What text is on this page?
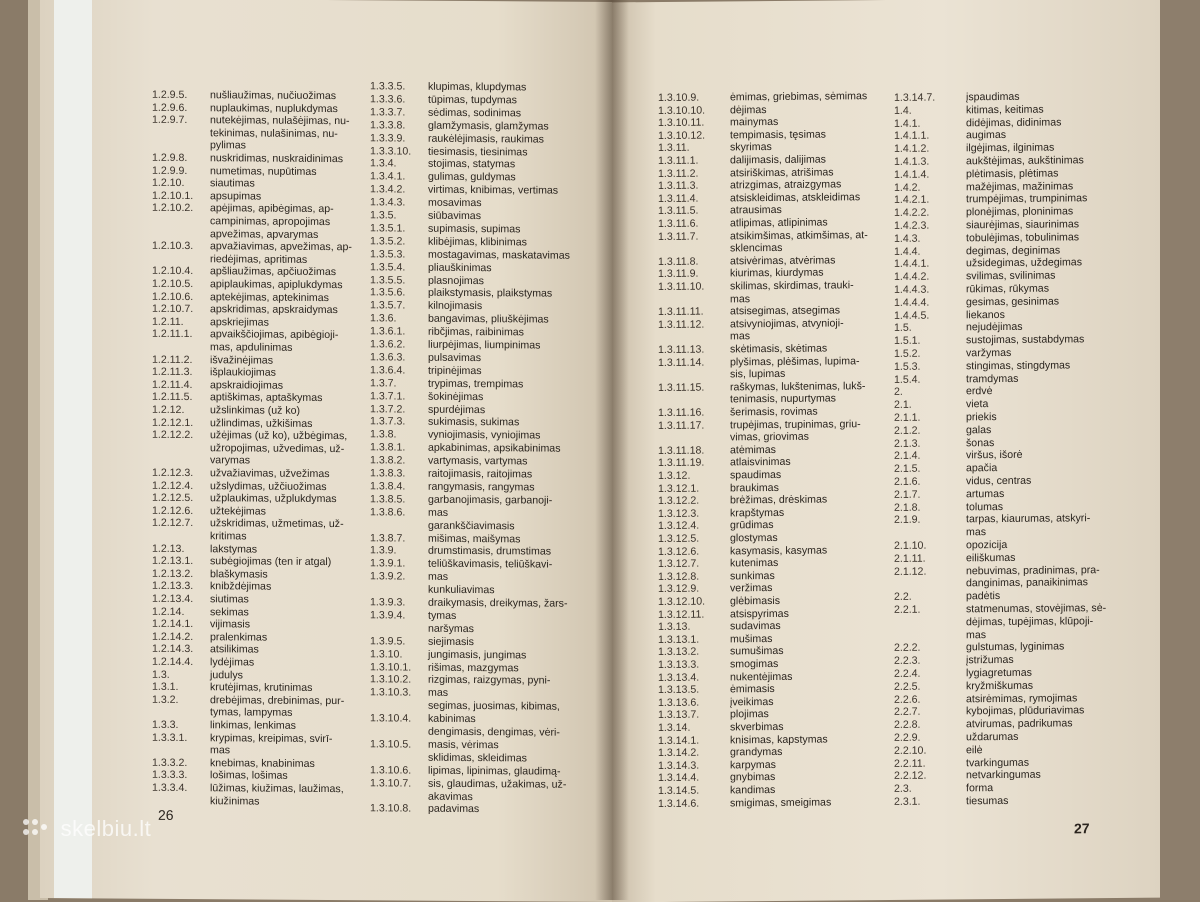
1.2.9.5. nušliaužimas, nučiuožimas
1.2.9.6. nuplaukimas, nuplukdymas
1.2.9.7. nutekėjimas, nulašėjimas, nu-
tekinimas, nulašinimas, nu-
pylimas
1.2.9.8. nuskridimas, nuskraidinimas
1.2.9.9. numetimas, nupūtimas
1.2.10. siautimas
1.2.10.1. apsupimas
1.2.10.2. apėjimas, apibėgimas, ap-
campinimas, apropojimas
apvežimas, apvarymas
1.2.10.3. apvažiavimas, apvežimas, ap-
riedėjimas, apritimas
1.2.10.4. apšliaužimas, apčiuožimas
1.2.10.5. apiplaukimas, apiplukdymas
1.2.10.6. aptekėjimas, aptekinimas
1.2.10.7. apskridimas, apskraidymas
1.2.11. apskriejimas
1.2.11.1. apvaikščiojimas, apibėgioji-
mas, apdulinimas
1.2.11.2. išvažinėjimas
1.2.11.3. išplaukiojimas
1.2.11.4. apskraidiojimas
1.2.11.5. aptiškimas, aptaškymas
1.2.12. užslinkimas (už ko)
1.2.12.1. užlindimas, užkišimas
1.2.12.2. užėjimas (už ko), užbėgimas,
užropojimas, užvedimas, už-
varymas
1.2.12.3. užvažiavimas, užvežimas
1.2.12.4. užslydimas, užčiuožimas
1.2.12.5. užplaukimas, užplukdymas
1.2.12.6. užtekėjimas
1.2.12.7. užskridimas, užmetimas, už-
kritimas
1.2.13. lakstymas
1.2.13.1. subėgiojimas (ten ir atgal)
1.2.13.2. blaškymasis
1.2.13.3. knibždėjimas
1.2.13.4. siutimas
1.2.14. sekimas
1.2.14.1. vijimasis
1.2.14.2. pralenkimas
1.2.14.3. atsilikimas
1.2.14.4. lydėjimas
1.3.	judulys
1.3.1.	krutėjimas, krutinimas
1.3.2.	drebėjimas, drebinimas, pur-
tymas, lampymas
1.3.3.	linkimas, lenkimas
1.3.3.1. krypimas, kreipimas, svirī-
mas
1.3.3.2. knebimas, knabinimas
1.3.3.3. lošimas, lošimas
1.3.3.4. lūžimas, kiužimas, laužimas,
kiužinimas
1.3.3.5. klupimas, klupdymas
1.3.3.6. tūpimas, tupdymas
1.3.3.7. sėdimas, sodinimas
1.3.3.8. glamžymasis, glamžymas
1.3.3.9. raukėlėjimasis, raukimas
1.3.3.10. tiesimasis, tiesinimas
1.3.4.	stojimas, statymas
1.3.4.1. gulimas, guldymas
1.3.4.2. virtimas, knibimas, vertimas
1.3.4.3. mosavimas
1.3.5.	siūbavimas
1.3.5.1. supimasis, supimas
1.3.5.2. klibėjimas, klibinimas
1.3.5.3. mostagavimas, maskatavimas
1.3.5.4. pliauškinimas
1.3.5.5. plasnojimas
1.3.5.6. plaikstymasis, plaikstymas
1.3.5.7. kilnojimasis
1.3.6.	bangavimas, pliuškėjimas
1.3.6.1. ribčjimas, raibinimas
1.3.6.2. liurpėjimas, liumpinimas
1.3.6.3. pulsavimas
1.3.6.4. tripinėjimas
1.3.7.	trypimas, trempimas
1.3.7.1. šokinėjimas
1.3.7.2. spurdėjimas
1.3.7.3. sukimasis, sukimas
1.3.8.	vyniojimasis, vyniojimas
1.3.8.1. apkabinimas, apsikabinimas
1.3.8.2. vartymasis, vartymas
1.3.8.3. raitojimasis, raitojimas
1.3.8.4. rangymasis, rangymas
1.3.8.5. garbanojimasis, garbanoji-
1.3.8.6. mas
garankščiavimasis
1.3.8.7. mišimas, maišymas
1.3.9.	drumstimasis, drumstimas
1.3.9.1. teliūškavimasis, teliūškavi-
1.3.9.2. mas
kunkuliavimas
1.3.9.3. draikymasis, dreikymas, žars-
1.3.9.4. tymas
naršymas
1.3.9.5. siejimasis
1.3.10. jungimasis, jungimas
1.3.10.1. rišimas, mazgymas
1.3.10.2. rizgimas, raizgymas, pyni-
1.3.10.3. mas
segimas, juosimas, kibimas,
1.3.10.4. kabinimas
dengimasis, dengimas, vėri-
1.3.10.5. masis, vėrimas
sklidimas, skleidimas
1.3.10.6. lipimas, lipinimas, glaudimą-
1.3.10.7. sis, glaudimas, užakimas, už-
akavimas
1.3.10.8. padavimas
26
1.3.10.9.	ėmimas, griebimas, sėmimas
1.3.10.10. dėjimas
1.3.10.11. mainymas
1.3.10.12. tempimasis, tęsimas
1.3.11.	skyrimas
1.3.11.1.	dalijimasis, dalijimas
1.3.11.2.	atsiriškimas, atrišimas
1.3.11.3.	atrizgimas, atraizgymas
1.3.11.4.	atsiskleidimas, atskleidimas
1.3.11.5.	atrausimas
1.3.11.6.	atlipimas, atlipinimas
1.3.11.7.	atsikimšimas, atkimšimas, at-
sklencimas
1.3.11.8.	atsivėrimas, atvėrimas
1.3.11.9.	kiurimas, kiurdymas
1.3.11.10. skilimas, skirdimas, trauki-
mas
1.3.11.11. atsisegimas, atsegimas
1.3.11.12. atsivyniojimas, atvynioji-
mas
1.3.11.13. skėtimasis, skėtimas
1.3.11.14. plyšimas, plėšimas, lupima-
sis, lupimas
1.3.11.15. raškymas, lukštenimas, lukš-
tenimasis, nupurtymas
1.3.11.16. šerimasis, rovimas
1.3.11.17. trupėjimas, trupinimas, griu-
vimas, griovimas
1.3.11.18. atėmimas
1.3.11.19. atlaisvinimas
1.3.12.	spaudimas
1.3.12.1.	braukimas
1.3.12.2.	brėžimas, drėskimas
1.3.12.3.	krapštymas
1.3.12.4.	grūdimas
1.3.12.5.	glostymas
1.3.12.6.	kasymasis, kasymas
1.3.12.7.	kutenimas
1.3.12.8.	sunkimas
1.3.12.9.	veržimas
1.3.12.10. glėbimasis
1.3.12.11. atsispyrimas
1.3.13.	sudavimas
1.3.13.1.	mušimas
1.3.13.2.	sumušimas
1.3.13.3.	smogimas
1.3.13.4.	nukentėjimas
1.3.13.5.	ėmimasis
1.3.13.6.	įveikimas
1.3.13.7.	plojimas
1.3.14.	skverbimas
1.3.14.1.	knisimas, kapstymas
1.3.14.2.	grandymas
1.3.14.3.	karpymas
1.3.14.4.	gnybimas
1.3.14.5.	kandimas
1.3.14.6.	smigimas, smeigimas
1.3.14.7.	įspaudimas
1.4.	kitimas, keitimas
1.4.1.	didėjimas, didinimas
1.4.1.1.	augimas
1.4.1.2.	ilgėjimas, ilginimas
1.4.1.3.	aukštėjimas, aukštinimas
1.4.1.4.	plėtimasis, plėtimas
1.4.2.	mažėjimas, mažinimas
1.4.2.1.	trumpėjimas, trumpinimas
1.4.2.2.	plonėjimas, ploninimas
1.4.2.3.	siaurėjimas, siaurinimas
1.4.3.	tobulėjimas, tobulinimas
1.4.4.	degimas, deginimas
1.4.4.1.	užsidegimas, uždegimas
1.4.4.2.	svilimas, svilinimas
1.4.4.3.	rūkimas, rūkymas
1.4.4.4.	gesimas, gesinimas
1.4.4.5.	liekanos
1.5.	nejudėjimas
1.5.1.	sustojimas, sustabdymas
1.5.2.	varžymas
1.5.3.	stingimas, stingdymas
1.5.4.	tramdymas
2.	erdvė
2.1.	vieta
2.1.1.	priekis
2.1.2.	galas
2.1.3.	šonas
2.1.4.	viršus, išorė
2.1.5.	apačia
2.1.6.	vidus, centras
2.1.7.	artumas
2.1.8.	tolumas
2.1.9.	tarpas, kiaurumas, atskyri-
mas
2.1.10.	opozicija
2.1.11.	eiliškumas
2.1.12.	nebuvimas, pradinimas, pra-
danginimas, panaikinimas
2.2.	padėtis
2.2.1.	statmenumas, stovėjimas, sė-
dėjimas, tupėjimas, klūpoji-
mas
2.2.2.	gulstumas, lyginimas
2.2.3.	įstrižumas
2.2.4.	lygiagretumas
2.2.5.	kryžmiškumas
2.2.6.	atsirėmimas, rymojimas
2.2.7.	kybojimas, plūduriavimas
2.2.8.	atvirumas, padrikumas
2.2.9.	uždarumas
2.2.10.	eilė
2.2.11.	tvarkingumas
2.2.12.	netvarkingumas
2.3.	forma
2.3.1.	tiesumas
27
skelbiu.lt
